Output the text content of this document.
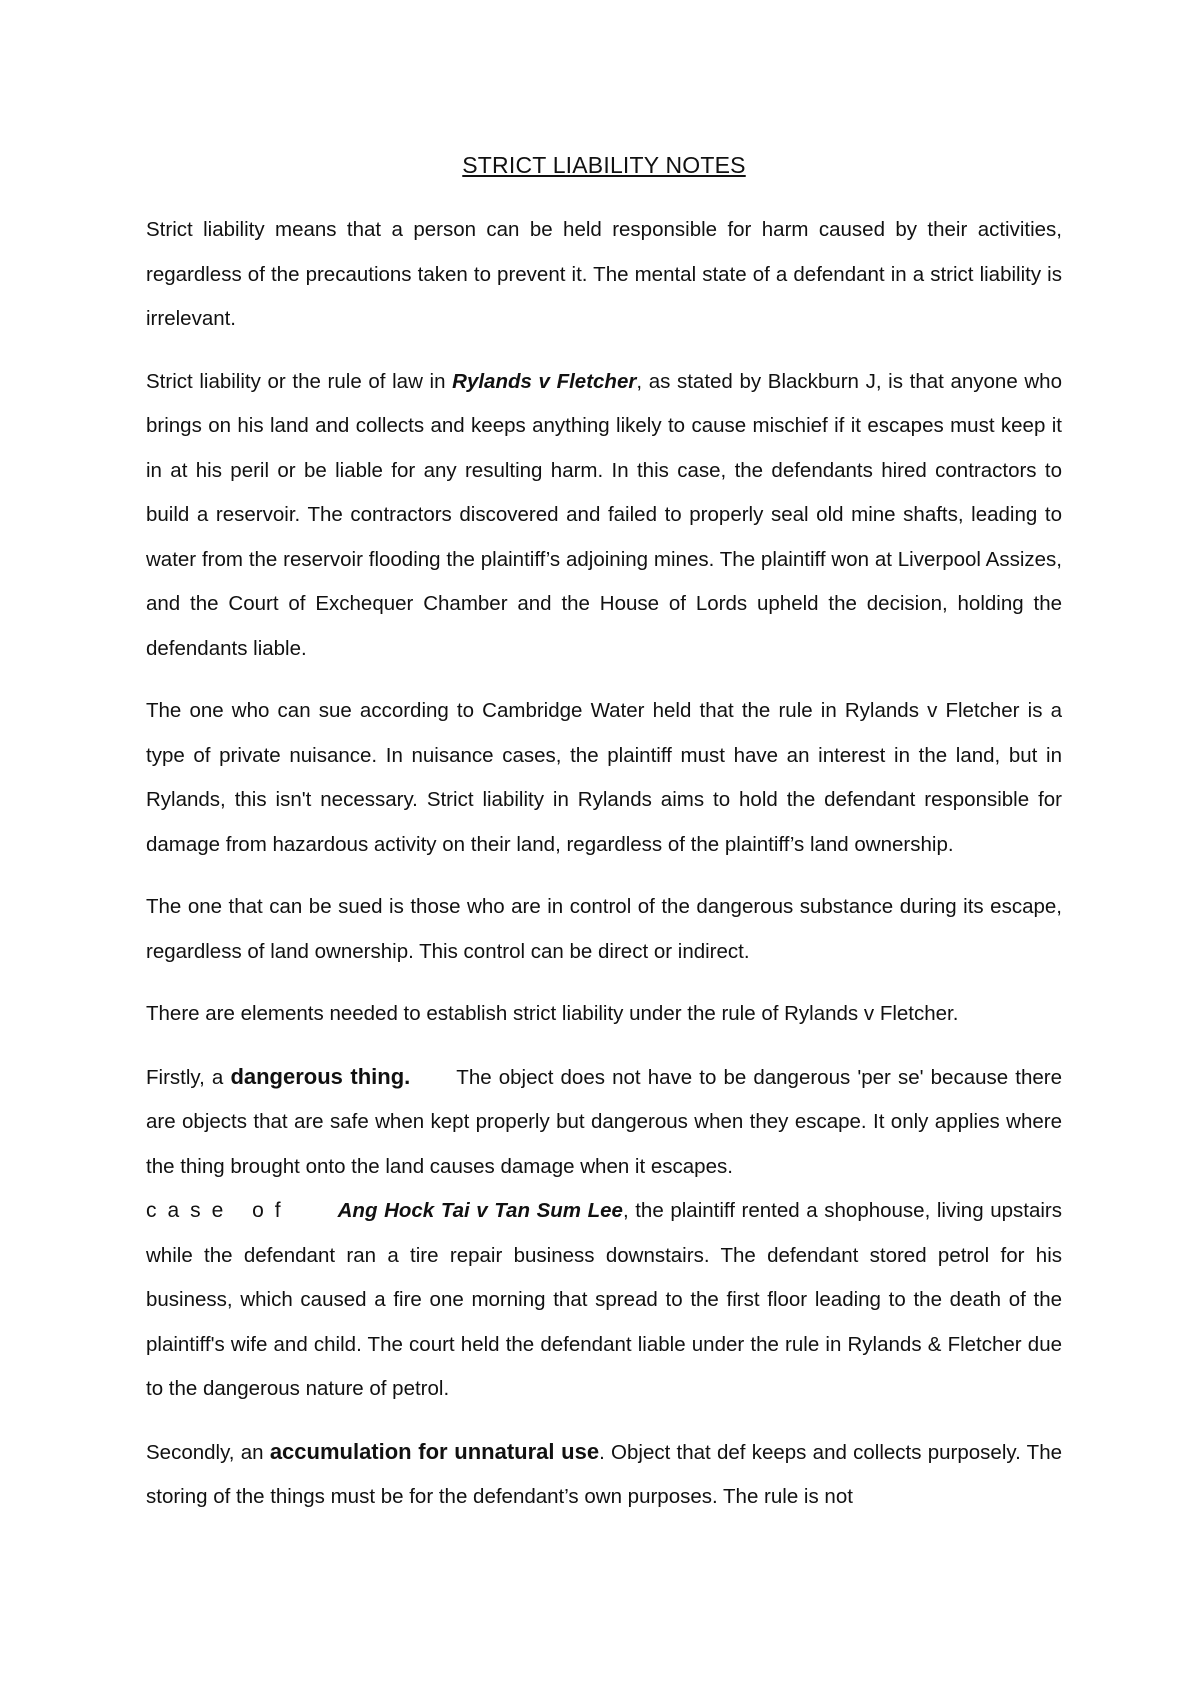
STRICT LIABILITY NOTES

Strict liability means that a person can be held responsible for harm caused by their activities, regardless of the precautions taken to prevent it. The mental state of a defendant in a strict liability is irrelevant.

Strict liability or the rule of law in Rylands v Fletcher, as stated by Blackburn J, is that anyone who brings on his land and collects and keeps anything likely to cause mischief if it escapes must keep it in at his peril or be liable for any resulting harm. In this case, the defendants hired contractors to build a reservoir. The contractors discovered and failed to properly seal old mine shafts, leading to water from the reservoir flooding the plaintiff’s adjoining mines. The plaintiff won at Liverpool Assizes, and the Court of Exchequer Chamber and the House of Lords upheld the decision, holding the defendants liable.

The one who can sue according to Cambridge Water held that the rule in Rylands v Fletcher is a type of private nuisance. In nuisance cases, the plaintiff must have an interest in the land, but in Rylands, this isn't necessary. Strict liability in Rylands aims to hold the defendant responsible for damage from hazardous activity on their land, regardless of the plaintiff’s land ownership.

The one that can be sued is those who are in control of the dangerous substance during its escape, regardless of land ownership. This control can be direct or indirect.

There are elements needed to establish strict liability under the rule of Rylands v Fletcher.

Firstly, a dangerous thing. The object does not have to be dangerous 'per se' because there are objects that are safe when kept properly but dangerous when they escape. It only applies where the thing brought onto the land causes damage when it escapes.

case of Ang Hock Tai v Tan Sum Lee, the plaintiff rented a shophouse, living upstairs while the defendant ran a tire repair business downstairs. The defendant stored petrol for his business, which caused a fire one morning that spread to the first floor leading to the death of the plaintiff's wife and child. The court held the defendant liable under the rule in Rylands & Fletcher due to the dangerous nature of petrol.

Secondly, an accumulation for unnatural use. Object that def keeps and collects purposely. The storing of the things must be for the defendant’s own purposes. The rule is not
